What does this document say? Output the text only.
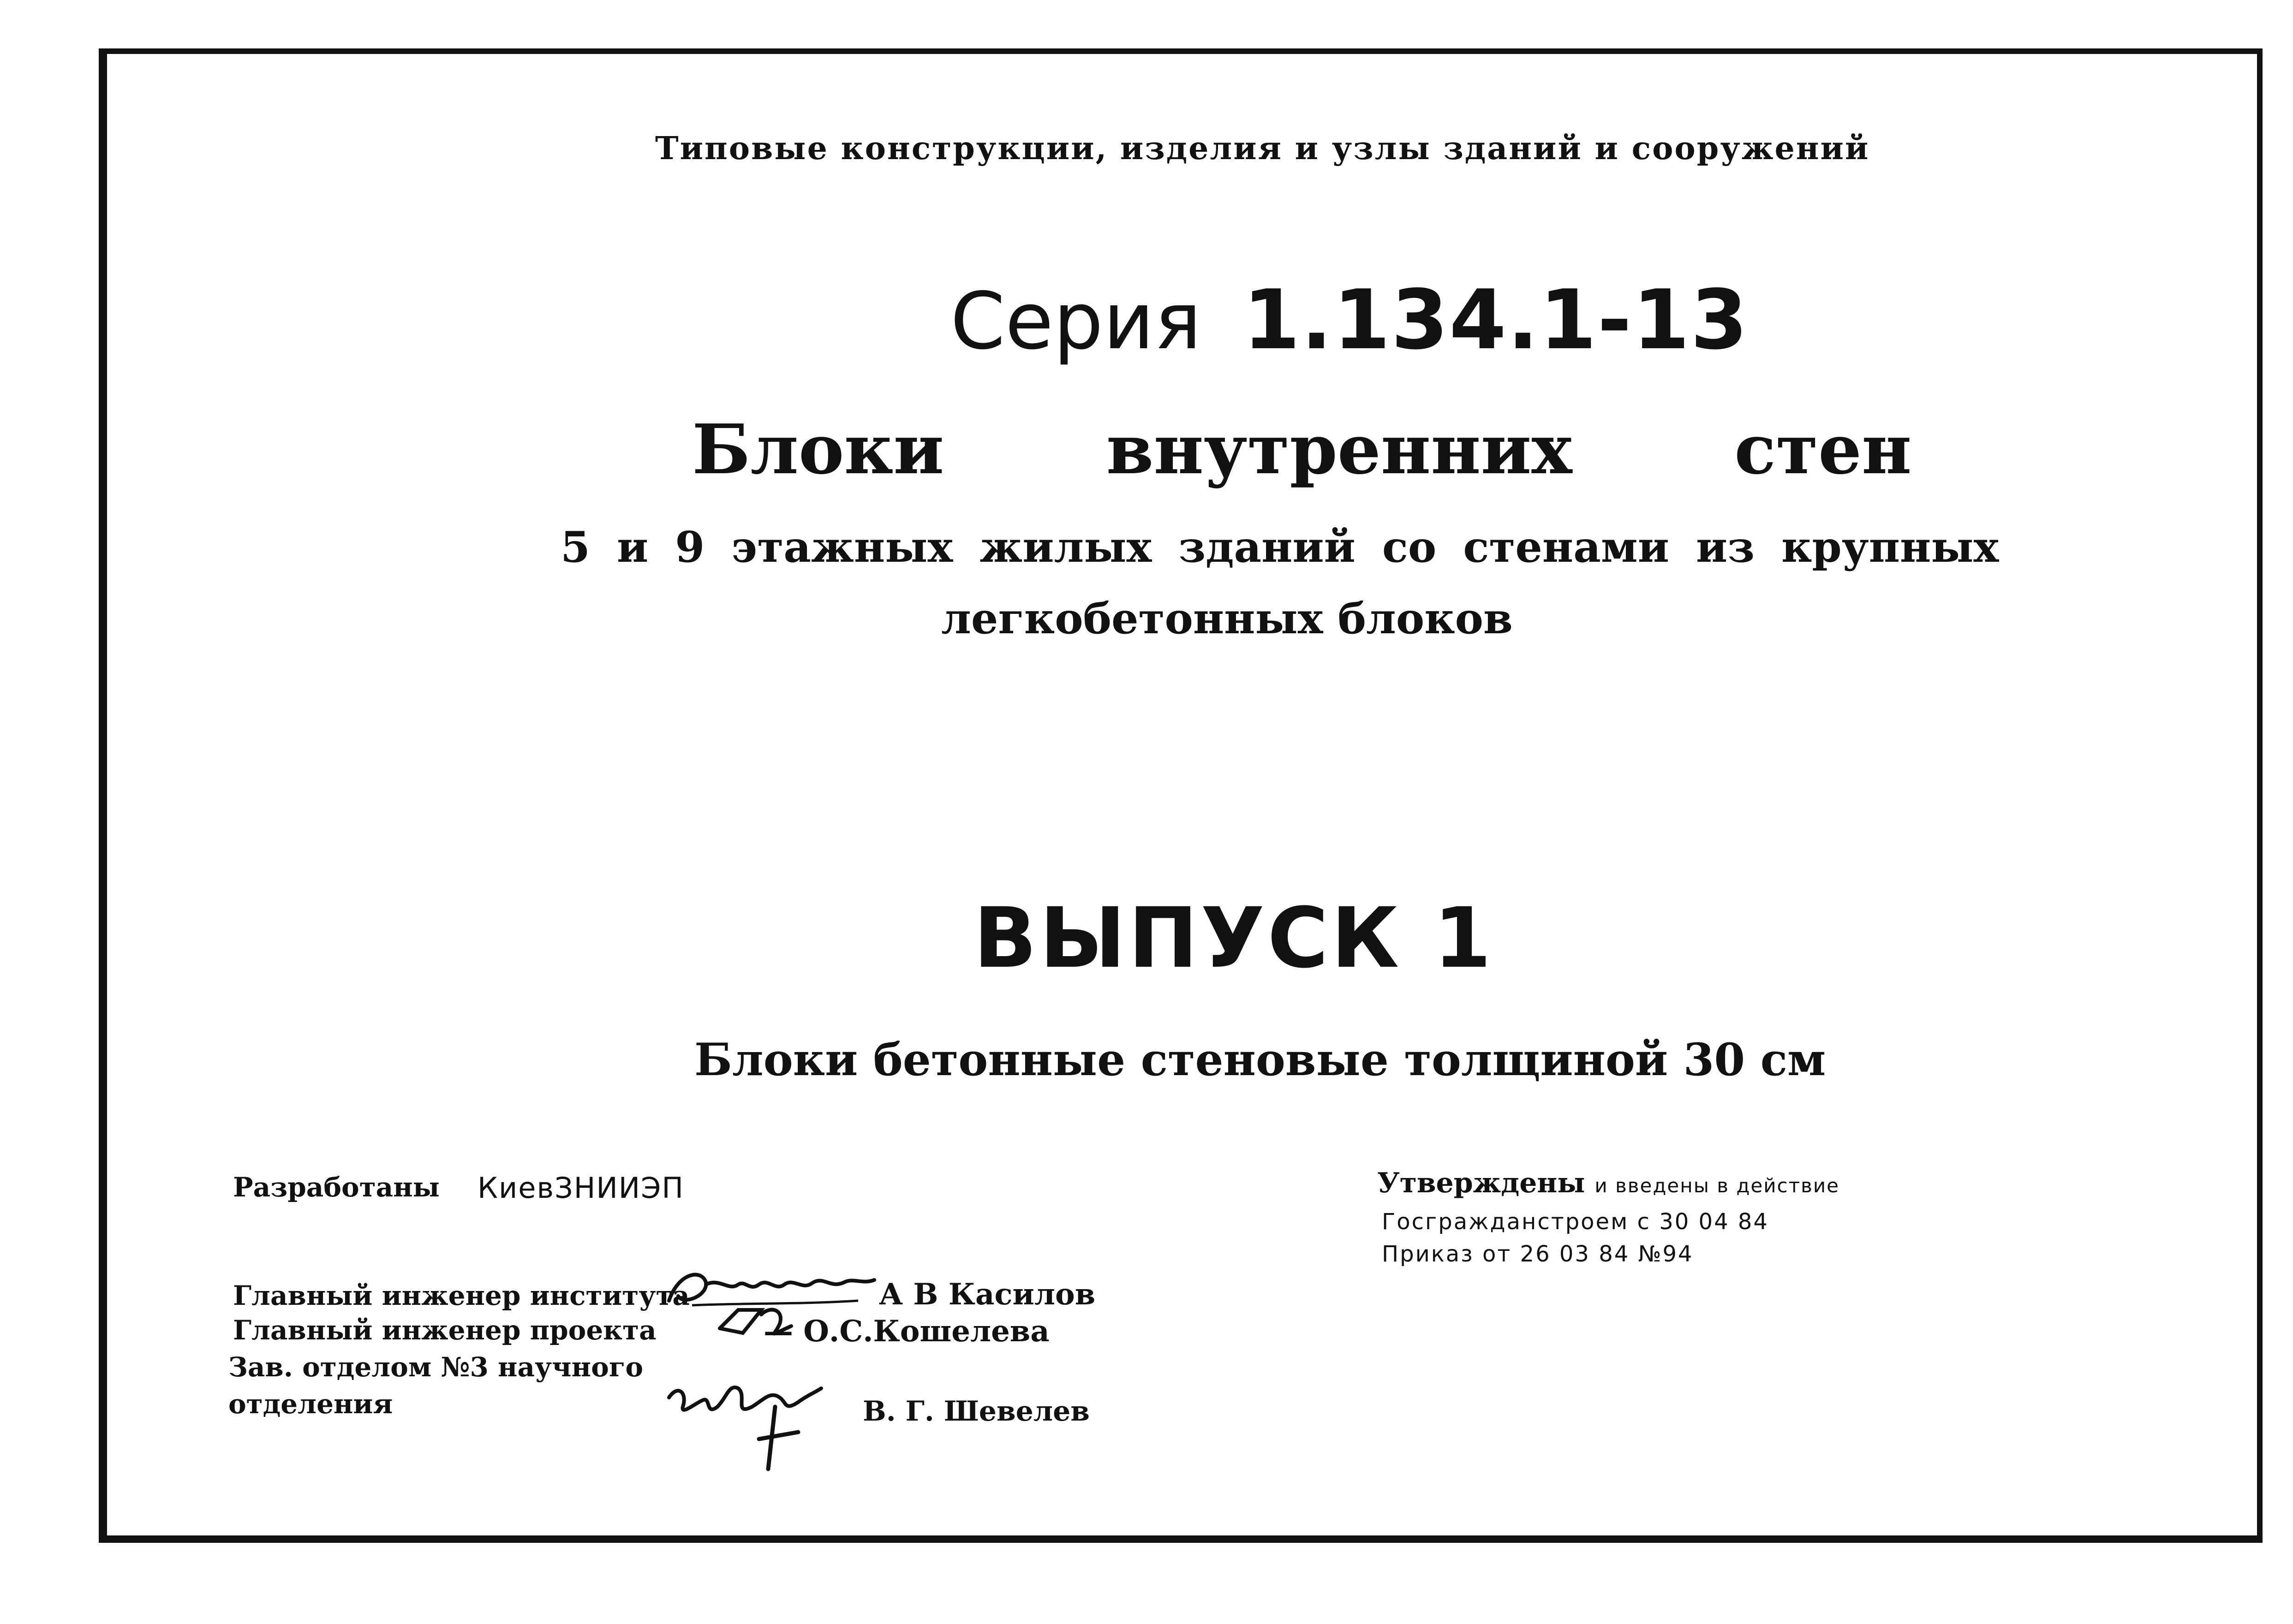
Типовые конструкции, изделия и узлы зданий и сооружений

Серия 1.134.1-13

Блоки внутренних стен

5 и 9 этажных жилых зданий со стенами из крупных

легкобетонных блоков

ВЫПУСК 1

Блоки бетонные стеновые толщиной 30 см

Разработаны КиевЗНИИЭП	Утверждены и введены в действие

Госгражданстроем с 30 04 84

Приказ от 26 03 84 №94

Главный инженер института

Главный инженер проекта

Зав. отделом №3 научного

отделения

А В Касилов

— О.С.Кошелева

В. Г. Шевелев
